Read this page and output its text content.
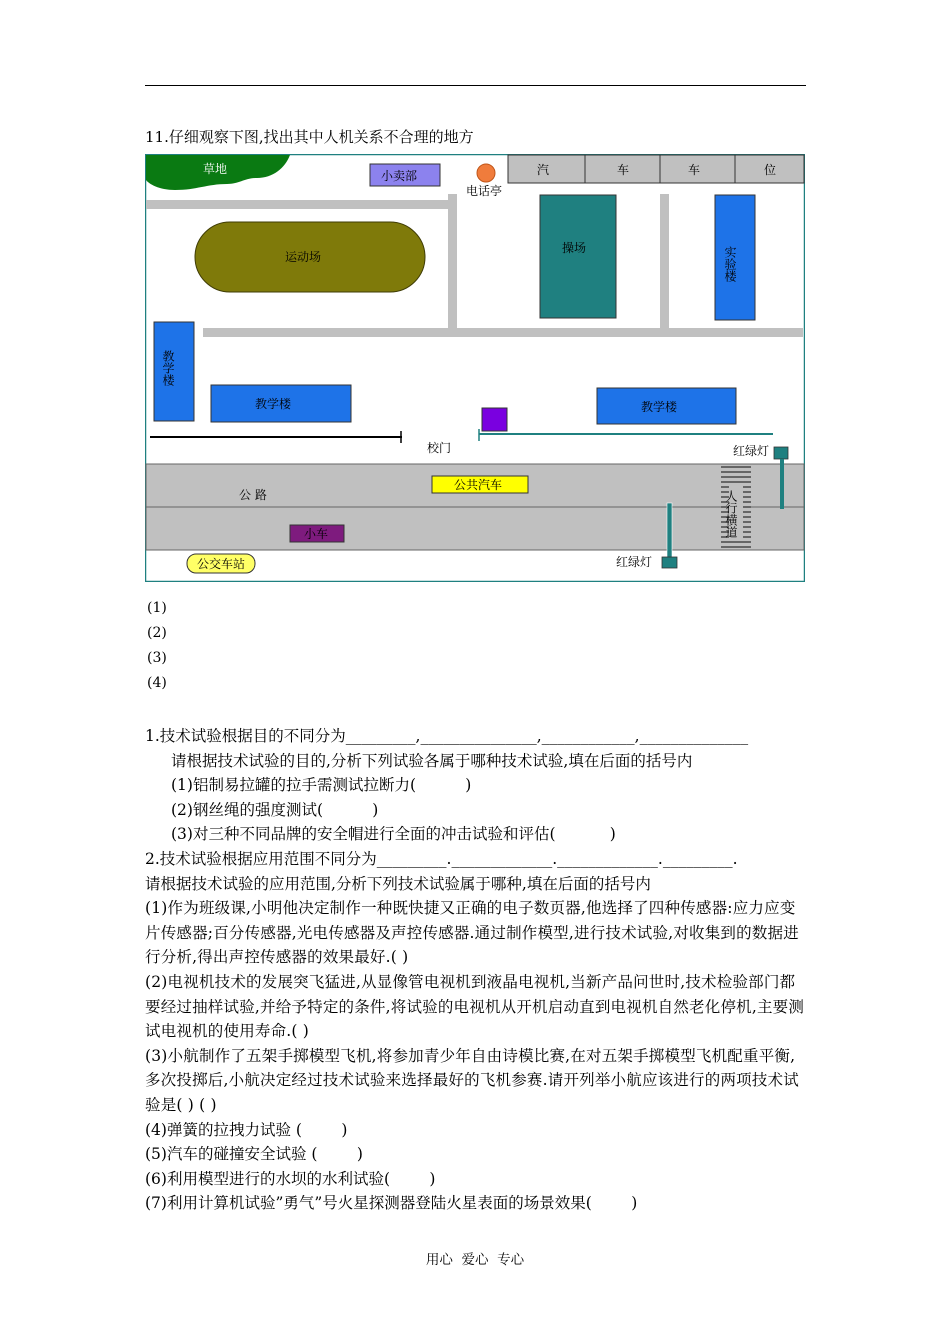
11.仔细观察下图,找出其中人机关系不合理的地方
草地	小卖部
电话亭
汽	车	车	位
运动场
操场	实验楼
教学楼
教学楼	教学楼
校门
公 路	人行横道
公共汽车
小车
红绿灯
红绿灯
公交车站
(1)
(2)
(3)
(4)
1.技术试验根据目的不同分为_________,_______________,____________,______________
请根据技术试验的目的,分析下列试验各属于哪种技术试验,填在后面的括号内
(1)铝制易拉罐的拉手需测试拉断力(          )
(2)钢丝绳的强度测试(          )
(3)对三种不同品牌的安全帽进行全面的冲击试验和评估(           )
2.技术试验根据应用范围不同分为_________._____________._____________._________.
请根据技术试验的应用范围,分析下列技术试验属于哪种,填在后面的括号内
(1)作为班级课,小明他决定制作一种既快捷又正确的电子数页器,他选择了四种传感器:应力应变片传感器;百分传感器,光电传感器及声控传感器.通过制作模型,进行技术试验,对收集到的数据进行分析,得出声控传感器的效果最好.( )
(2)电视机技术的发展突飞猛进,从显像管电视机到液晶电视机,当新产品问世时,技术检验部门都要经过抽样试验,并给予特定的条件,将试验的电视机从开机启动直到电视机自然老化停机,主要测试电视机的使用寿命.( )
(3)小航制作了五架手掷模型飞机,将参加青少年自由诗模比赛,在对五架手掷模型飞机配重平衡,多次投掷后,小航决定经过技术试验来选择最好的飞机参赛.请开列举小航应该进行的两项技术试验是( ) ( )
(4)弹簧的拉拽力试验 (        )
(5)汽车的碰撞安全试验 (        )
(6)利用模型进行的水坝的水利试验(        )
(7)利用计算机试验”勇气”号火星探测器登陆火星表面的场景效果(        )
用心  爱心  专心
